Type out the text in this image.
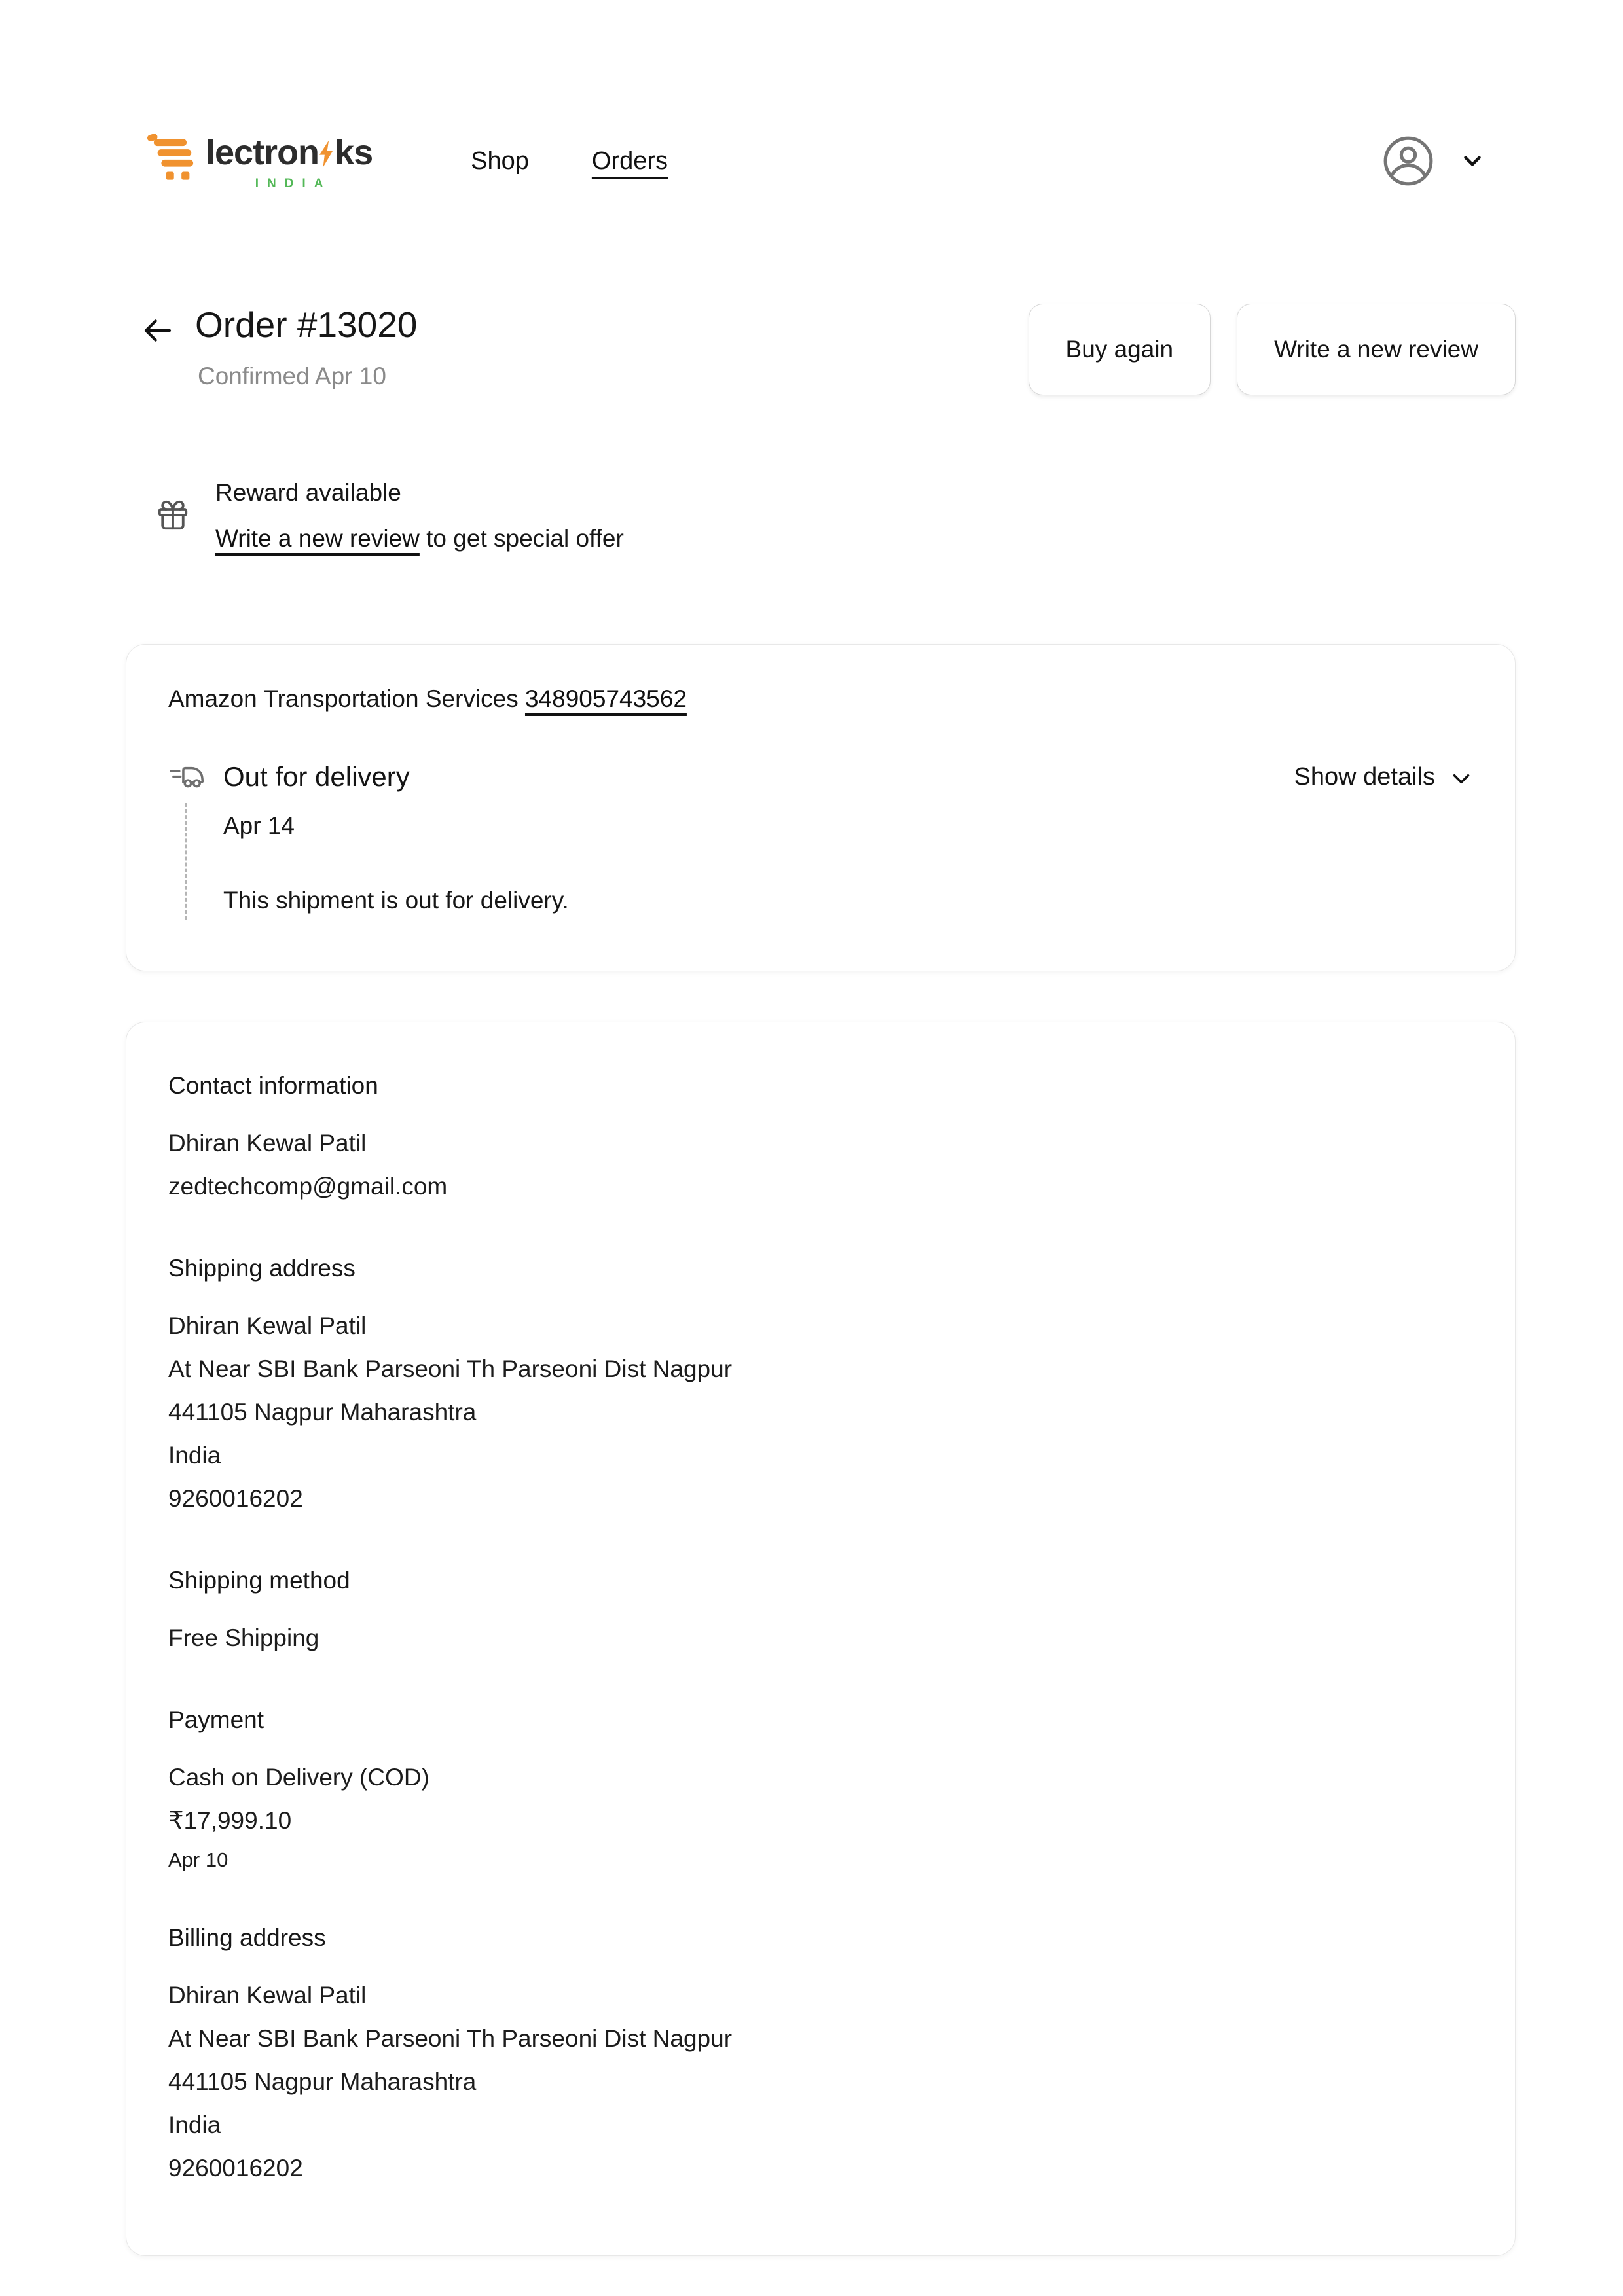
lectron ks
INDIA
Shop	Orders
Order #13020
Confirmed Apr 10
Buy again	Write a new review
Reward available
Write a new review to get special offer
Amazon Transportation Services 348905743562
Out for delivery	Show details
Apr 14
This shipment is out for delivery.
Contact information
Dhiran Kewal Patil
zedtechcomp@gmail.com
Shipping address
Dhiran Kewal Patil
At Near SBI Bank Parseoni Th Parseoni Dist Nagpur
441105 Nagpur Maharashtra
India
9260016202
Shipping method
Free Shipping
Payment
Cash on Delivery (COD)
₹17,999.10
Apr 10
Billing address
Dhiran Kewal Patil
At Near SBI Bank Parseoni Th Parseoni Dist Nagpur
441105 Nagpur Maharashtra
India
9260016202
